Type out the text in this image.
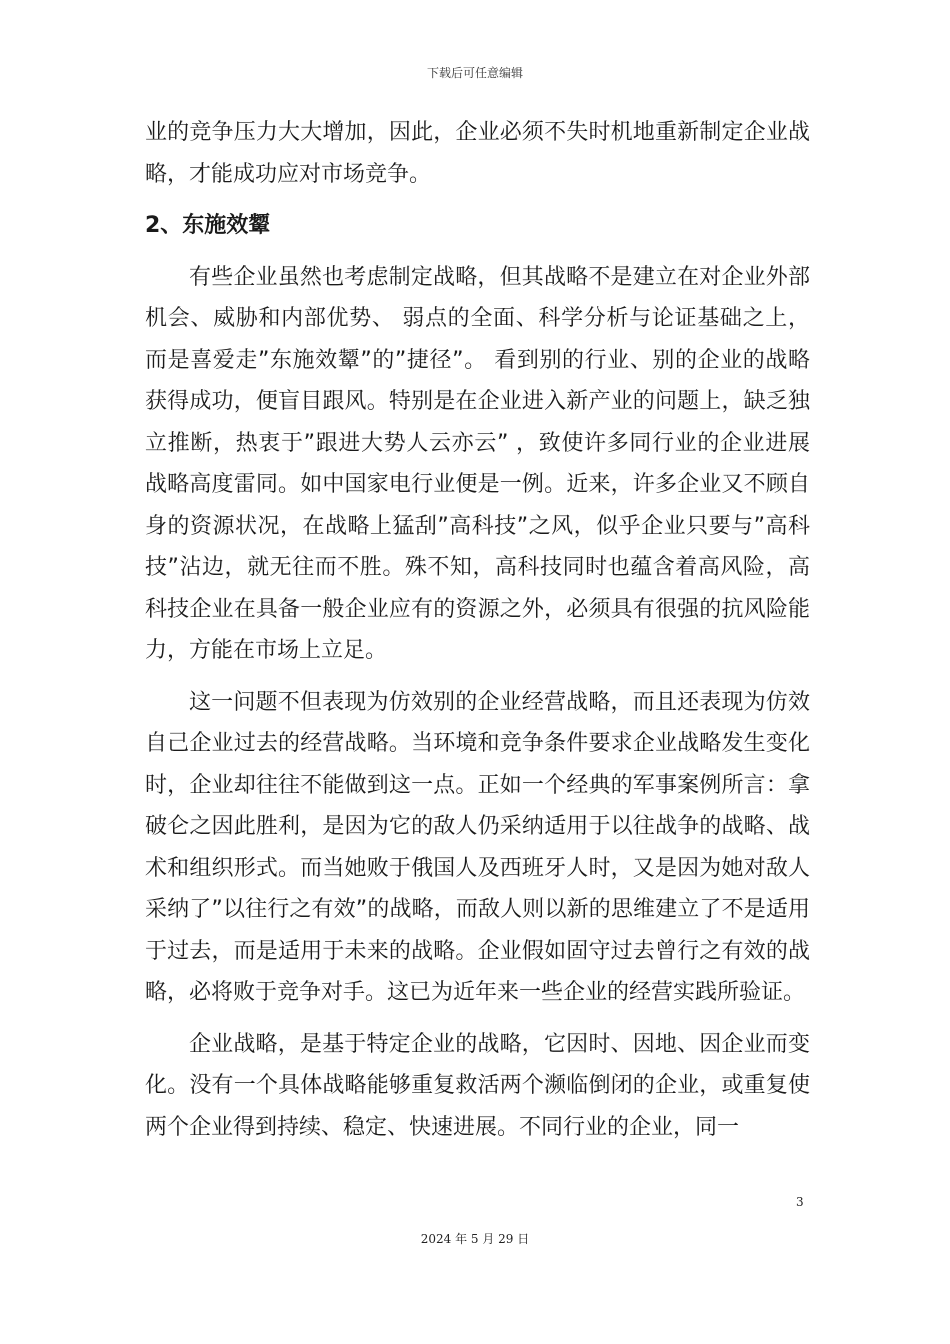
下载后可任意编辑

业的竞争压力大大增加，因此，企业必须不失时机地重新制定企业战略，才能成功应对市场竞争。

2、东施效颦

有些企业虽然也考虑制定战略，但其战略不是建立在对企业外部机会、威胁和内部优势、 弱点的全面、科学分析与论证基础之上，而是喜爱走”东施效颦”的”捷径”。 看到别的行业、别的企业的战略获得成功，便盲目跟风。特别是在企业进入新产业的问题上，缺乏独立推断，热衷于”跟进大势人云亦云” ，致使许多同行业的企业进展战略高度雷同。如中国家电行业便是一例。近来，许多企业又不顾自身的资源状况，在战略上猛刮”高科技”之风，似乎企业只要与”高科技”沾边，就无往而不胜。殊不知，高科技同时也蕴含着高风险，高科技企业在具备一般企业应有的资源之外，必须具有很强的抗风险能力，方能在市场上立足。

这一问题不但表现为仿效别的企业经营战略，而且还表现为仿效自己企业过去的经营战略。当环境和竞争条件要求企业战略发生变化时，企业却往往不能做到这一点。正如一个经典的军事案例所言：拿破仑之因此胜利，是因为它的敌人仍采纳适用于以往战争的战略、战术和组织形式。而当她败于俄国人及西班牙人时，又是因为她对敌人采纳了”以往行之有效”的战略，而敌人则以新的思维建立了不是适用于过去，而是适用于未来的战略。企业假如固守过去曾行之有效的战略，必将败于竞争对手。这已为近年来一些企业的经营实践所验证。

企业战略，是基于特定企业的战略，它因时、因地、因企业而变化。没有一个具体战略能够重复救活两个濒临倒闭的企业，或重复使两个企业得到持续、稳定、快速进展。不同行业的企业，同一

3
2024 年 5 月 29 日
